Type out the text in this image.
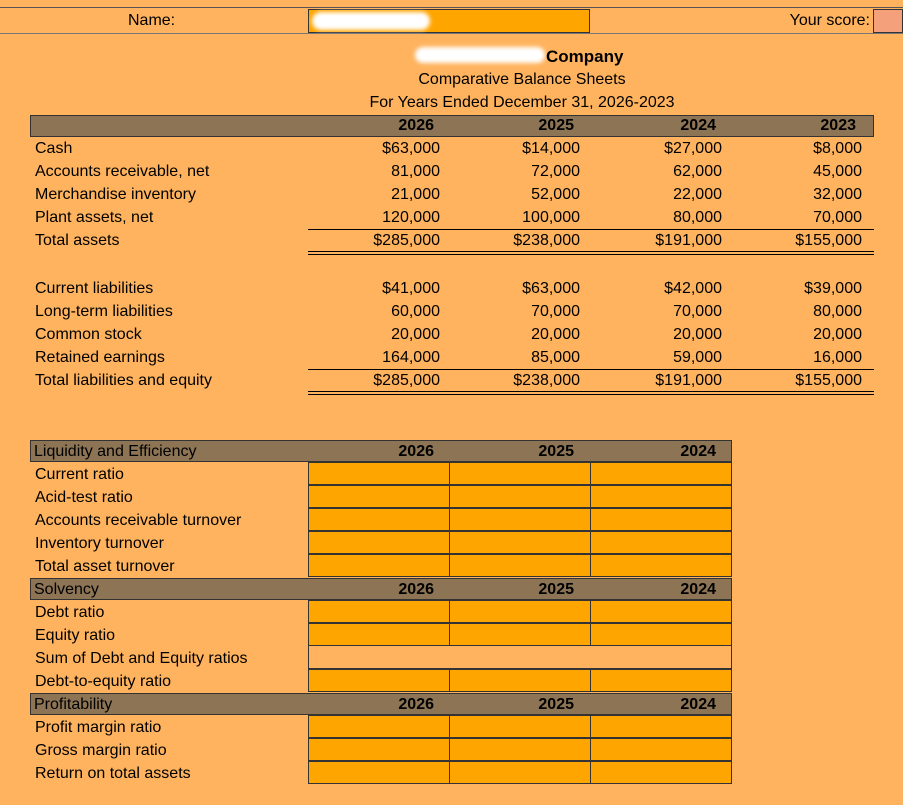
Name:	Your score:
Company
Comparative Balance Sheets
For Years Ended December 31, 2026-2023
2026	2025	2024	2023
Cash	$63,000	$14,000	$27,000	$8,000
Accounts receivable, net	81,000	72,000	62,000	45,000
Merchandise inventory	21,000	52,000	22,000	32,000
Plant assets, net	120,000	100,000	80,000	70,000
Total assets	$285,000	$238,000	$191,000	$155,000
Current liabilities	$41,000	$63,000	$42,000	$39,000
Long-term liabilities	60,000	70,000	70,000	80,000
Common stock	20,000	20,000	20,000	20,000
Retained earnings	164,000	85,000	59,000	16,000
Total liabilities and equity	$285,000	$238,000	$191,000	$155,000
Liquidity and Efficiency	2026	2025	2024
Current ratio
Acid-test ratio
Accounts receivable turnover
Inventory turnover
Total asset turnover
Solvency	2026	2025	2024
Debt ratio
Equity ratio
Sum of Debt and Equity ratios
Debt-to-equity ratio
Profitability	2026	2025	2024
Profit margin ratio
Gross margin ratio
Return on total assets
